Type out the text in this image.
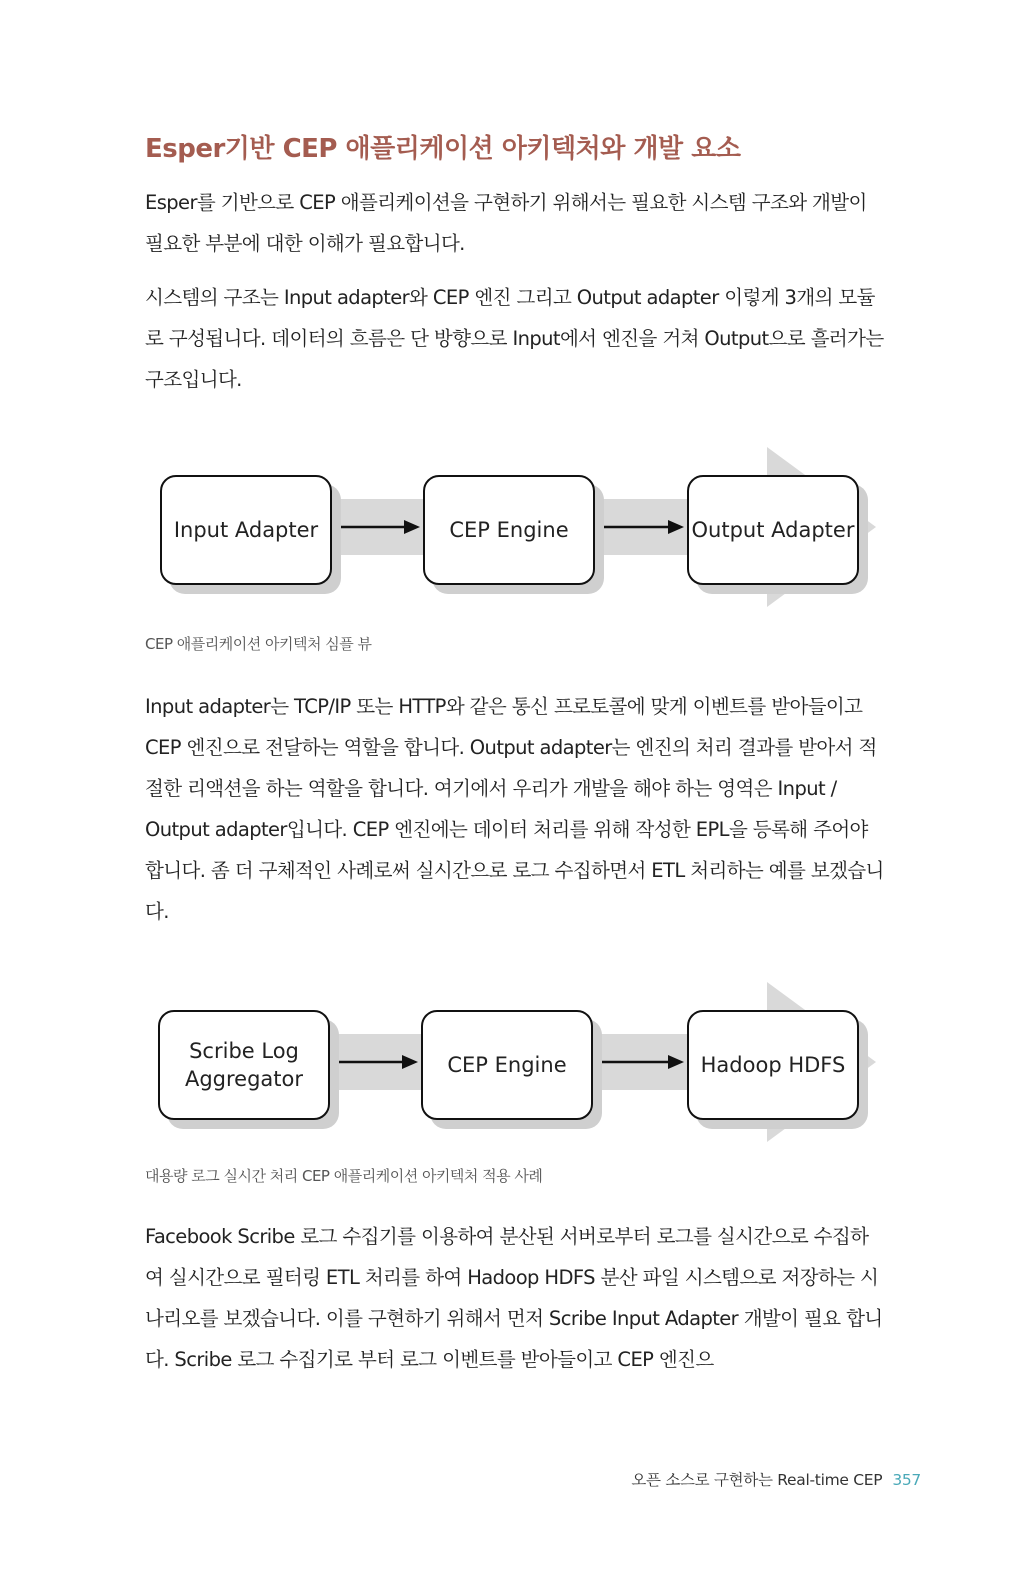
Esper기반 CEP 애플리케이션 아키텍처와 개발 요소

Esper를 기반으로 CEP 애플리케이션을 구현하기 위해서는 필요한 시스템 구조와 개발이 필요한 부분에 대한 이해가 필요합니다.

시스템의 구조는 Input adapter와 CEP 엔진 그리고 Output adapter 이렇게 3개의 모듈로 구성됩니다. 데이터의 흐름은 단 방향으로 Input에서 엔진을 거쳐 Output으로 흘러가는 구조입니다.

Input Adapter	CEP Engine	Output Adapter
CEP 애플리케이션 아키텍처 심플 뷰

Input adapter는 TCP/IP 또는 HTTP와 같은 통신 프로토콜에 맞게 이벤트를 받아들이고 CEP 엔진으로 전달하는 역할을 합니다. Output adapter는 엔진의 처리 결과를 받아서 적절한 리액션을 하는 역할을 합니다. 여기에서 우리가 개발을 해야 하는 영역은 Input / Output adapter입니다. CEP 엔진에는 데이터 처리를 위해 작성한 EPL을 등록해 주어야 합니다. 좀 더 구체적인 사례로써 실시간으로 로그 수집하면서 ETL 처리하는 예를 보겠습니다.

Scribe Log
Aggregator
CEP Engine	Hadoop HDFS
대용량 로그 실시간 처리 CEP 애플리케이션 아키텍처 적용 사례

Facebook Scribe 로그 수집기를 이용하여 분산된 서버로부터 로그를 실시간으로 수집하여 실시간으로 필터링 ETL 처리를 하여 Hadoop HDFS 분산 파일 시스템으로 저장하는 시나리오를 보겠습니다. 이를 구현하기 위해서 먼저 Scribe Input Adapter 개발이 필요 합니다. Scribe 로그 수집기로 부터 로그 이벤트를 받아들이고 CEP 엔진으

오픈 소스로 구현하는 Real-time CEP 357
